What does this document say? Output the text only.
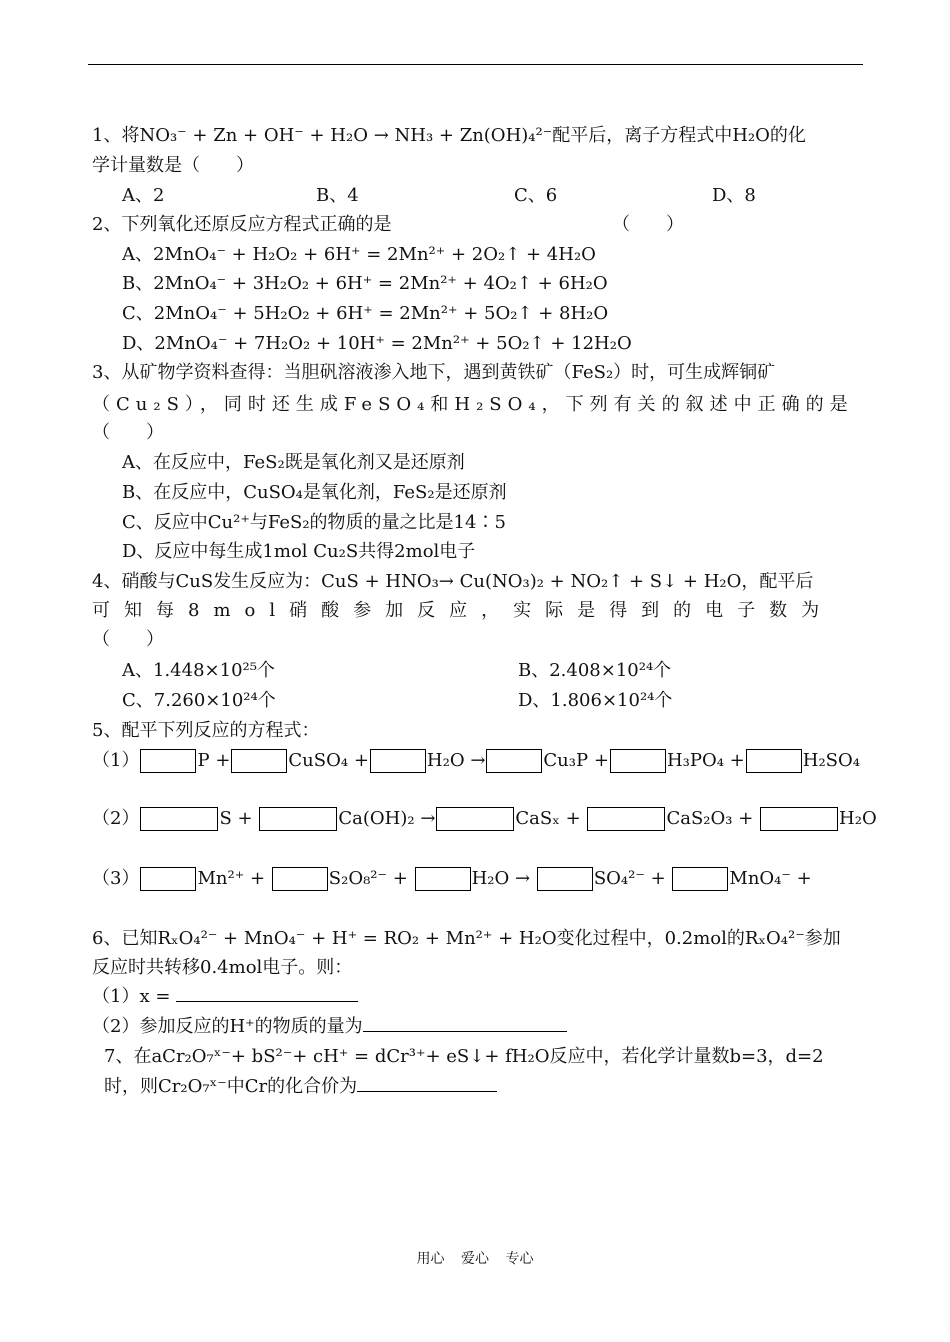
1、将NO₃⁻ + Zn + OH⁻ + H₂O → NH₃ + Zn(OH)₄²⁻配平后，离子方程式中H₂O的化
学计量数是（　　）
A、2	B、4	C、6	D、8
2、下列氧化还原反应方程式正确的是	（　　）
A、2MnO₄⁻ + H₂O₂ + 6H⁺ = 2Mn²⁺ + 2O₂↑ + 4H₂O
B、2MnO₄⁻ + 3H₂O₂ + 6H⁺ = 2Mn²⁺ + 4O₂↑ + 6H₂O
C、2MnO₄⁻ + 5H₂O₂ + 6H⁺ = 2Mn²⁺ + 5O₂↑ + 8H₂O
D、2MnO₄⁻ + 7H₂O₂ + 10H⁺ = 2Mn²⁺ + 5O₂↑ + 12H₂O
3、从矿物学资料查得：当胆矾溶液渗入地下，遇到黄铁矿（FeS₂）时，可生成辉铜矿
（Cu₂S），同时还生成FeSO₄和H₂SO₄，下列有关的叙述中正确的是
（　　）
A、在反应中，FeS₂既是氧化剂又是还原剂
B、在反应中，CuSO₄是氧化剂，FeS₂是还原剂
C、反应中Cu²⁺与FeS₂的物质的量之比是14∶5
D、反应中每生成1mol Cu₂S共得2mol电子
4、硝酸与CuS发生反应为：CuS + HNO₃→ Cu(NO₃)₂ + NO₂↑ + S↓ + H₂O，配平后
可知每8mol硝酸参加反应，实际是得到的电子数为
（　　）
A、1.448×10²⁵个	B、2.408×10²⁴个
C、7.260×10²⁴个	D、1.806×10²⁴个
5、配平下列反应的方程式：
（1）	P +	CuSO₄ +	H₂O →	Cu₃P +	H₃PO₄ +	H₂SO₄
（2）	S +	Ca(OH)₂ →	CaSₓ +	CaS₂O₃ +	H₂O
（3）	Mn²⁺ +	S₂O₈²⁻ +	H₂O →	SO₄²⁻ +	MnO₄⁻ +
6、已知RₓO₄²⁻ + MnO₄⁻ + H⁺ = RO₂ + Mn²⁺ + H₂O变化过程中，0.2mol的RₓO₄²⁻参加
反应时共转移0.4mol电子。则：
（1）x =
（2）参加反应的H⁺的物质的量为
7、在aCr₂O₇ˣ⁻+ bS²⁻+ cH⁺ = dCr³⁺+ eS↓+ fH₂O反应中，若化学计量数b=3，d=2
时，则Cr₂O₇ˣ⁻中Cr的化合价为
用心 爱心 专心
